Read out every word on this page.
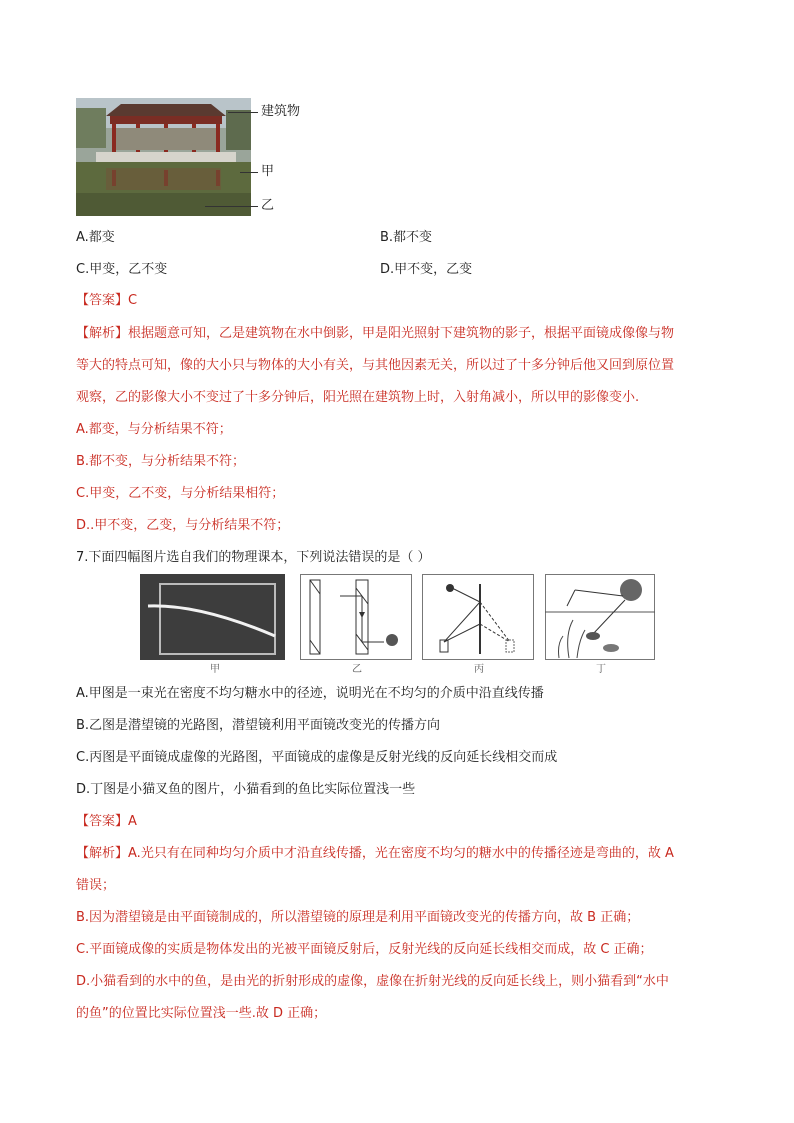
建筑物
甲
乙
A.都变	B.都不变
C.甲变，乙不变	D.甲不变，乙变
【答案】C
【解析】根据题意可知，乙是建筑物在水中倒影，甲是阳光照射下建筑物的影子，根据平面镜成像像与物
等大的特点可知，像的大小只与物体的大小有关，与其他因素无关，所以过了十多分钟后他又回到原位置
观察，乙的影像大小不变过了十多分钟后，阳光照在建筑物上时，入射角减小，所以甲的影像变小.
A.都变，与分析结果不符；
B.都不变，与分析结果不符；
C.甲变，乙不变，与分析结果相符；
D..甲不变，乙变，与分析结果不符；
7.下面四幅图片选自我们的物理课本，下列说法错误的是（ ）
甲	乙	丙	丁
A.甲图是一束光在密度不均匀糖水中的径迹，说明光在不均匀的介质中沿直线传播
B.乙图是潜望镜的光路图，潜望镜利用平面镜改变光的传播方向
C.丙图是平面镜成虚像的光路图，平面镜成的虚像是反射光线的反向延长线相交而成
D.丁图是小猫叉鱼的图片，小猫看到的鱼比实际位置浅一些
【答案】A
【解析】A.光只有在同种均匀介质中才沿直线传播，光在密度不均匀的糖水中的传播径迹是弯曲的，故 A
错误；
B.因为潜望镜是由平面镜制成的，所以潜望镜的原理是利用平面镜改变光的传播方向，故 B 正确；
C.平面镜成像的实质是物体发出的光被平面镜反射后，反射光线的反向延长线相交而成，故 C 正确；
D.小猫看到的水中的鱼，是由光的折射形成的虚像，虚像在折射光线的反向延长线上，则小猫看到“水中
的鱼”的位置比实际位置浅一些.故 D 正确；
